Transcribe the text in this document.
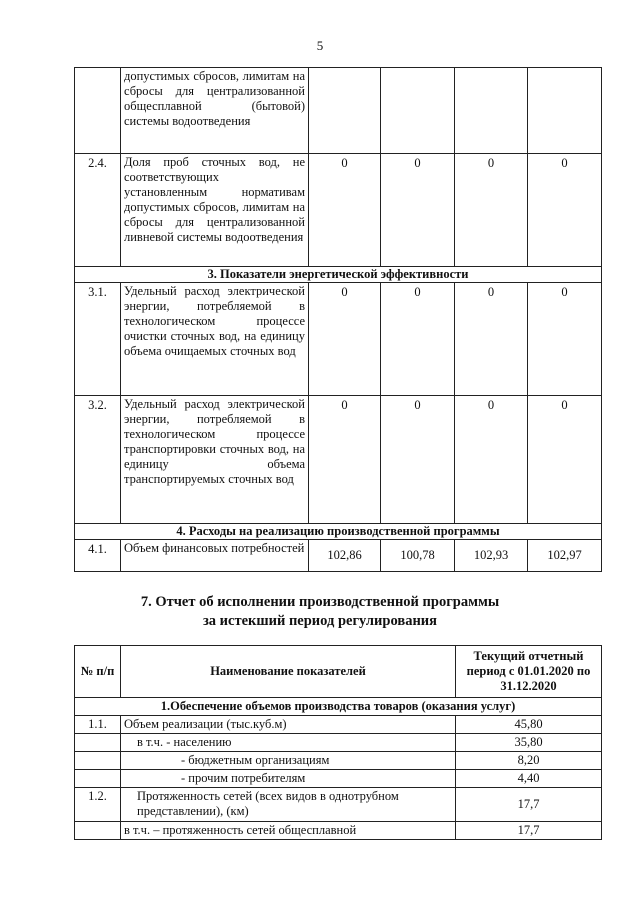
5
	допустимых сбросов, лимитам на сбросы для централизованной общесплавной (бытовой) системы водоотведения				
2.4.	Доля проб сточных вод, не соответствующих установленным нормативам допустимых сбросов, лимитам на сбросы для централизованной ливневой системы водоотведения	0	0	0	0
3. Показатели энергетической эффективности					
3.1.	Удельный расход электрической энергии, потребляемой в технологическом процессе очистки сточных вод, на единицу объема очищаемых сточных вод	0	0	0	0
3.2.	Удельный расход электрической энергии, потребляемой в технологическом процессе транспортировки сточных вод, на единицу объема транспортируемых сточных вод	0	0	0	0
4. Расходы на реализацию производственной программы					
4.1.	Объем финансовых потребностей	102,86	100,78	102,93	102,97
7. Отчет об исполнении производственной программы
за истекший период регулирования
№ п/п	Наименование показателей	Текущий отчетный период с 01.01.2020 по 31.12.2020
1.Обеспечение объемов производства товаров (оказания услуг)		
1.1.	Объем реализации (тыс.куб.м)	45,80
	в т.ч. - населению	35,80
	- бюджетным организациям	8,20
	- прочим потребителям	4,40
1.2.	Протяженность сетей (всех видов в однотрубном представлении), (км)	17,7
	в т.ч. – протяженность сетей общесплавной	17,7
